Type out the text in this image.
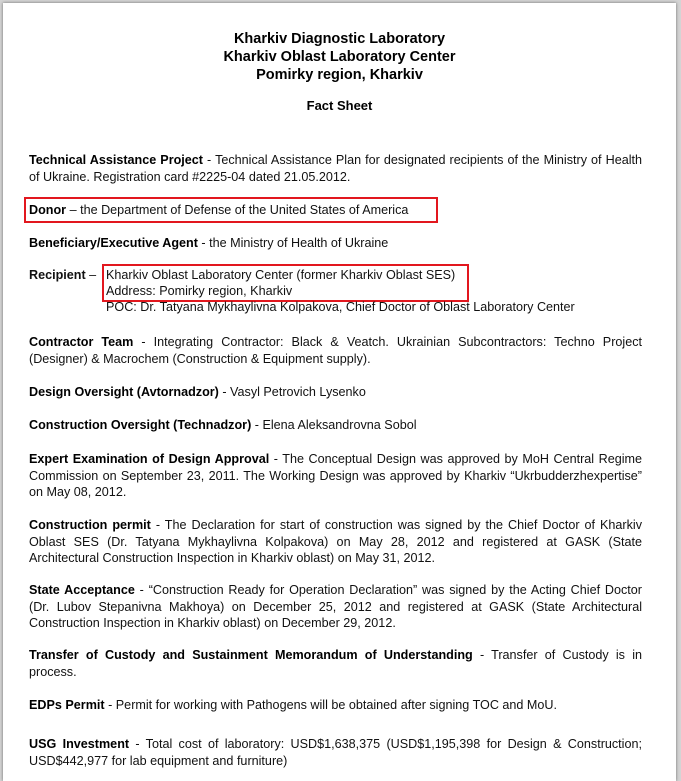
Kharkiv Diagnostic Laboratory
Kharkiv Oblast Laboratory Center
Pomirky region, Kharkiv
Fact Sheet
Technical Assistance Project - Technical Assistance Plan for designated recipients of the Ministry of Health of Ukraine. Registration card #2225-04 dated 21.05.2012.
Donor – the Department of Defense of the United States of America
Beneficiary/Executive Agent - the Ministry of Health of Ukraine
Recipient – Kharkiv Oblast Laboratory Center (former Kharkiv Oblast SES)
Address: Pomirky region, Kharkiv
POC: Dr. Tatyana Mykhaylivna Kolpakova, Chief Doctor of Oblast Laboratory Center
Contractor Team - Integrating Contractor: Black & Veatch. Ukrainian Subcontractors: Techno Project (Designer) & Macrochem (Construction & Equipment supply).
Design Oversight (Avtornadzor) - Vasyl Petrovich Lysenko
Construction Oversight (Technadzor) - Elena Aleksandrovna Sobol
Expert Examination of Design Approval - The Conceptual Design was approved by MoH Central Regime Commission on September 23, 2011. The Working Design was approved by Kharkiv “Ukrbudderzhexpertise” on May 08, 2012.
Construction permit - The Declaration for start of construction was signed by the Chief Doctor of Kharkiv Oblast SES (Dr. Tatyana Mykhaylivna Kolpakova) on May 28, 2012 and registered at GASK (State Architectural Construction Inspection in Kharkiv oblast) on May 31, 2012.
State Acceptance - “Construction Ready for Operation Declaration” was signed by the Acting Chief Doctor (Dr. Lubov Stepanivna Makhoya) on December 25, 2012 and registered at GASK (State Architectural Construction Inspection in Kharkiv oblast) on December 29, 2012.
Transfer of Custody and Sustainment Memorandum of Understanding - Transfer of Custody is in process.
EDPs Permit - Permit for working with Pathogens will be obtained after signing TOC and MoU.
USG Investment - Total cost of laboratory: USD$1,638,375 (USD$1,195,398 for Design & Construction; USD$442,977 for lab equipment and furniture)
